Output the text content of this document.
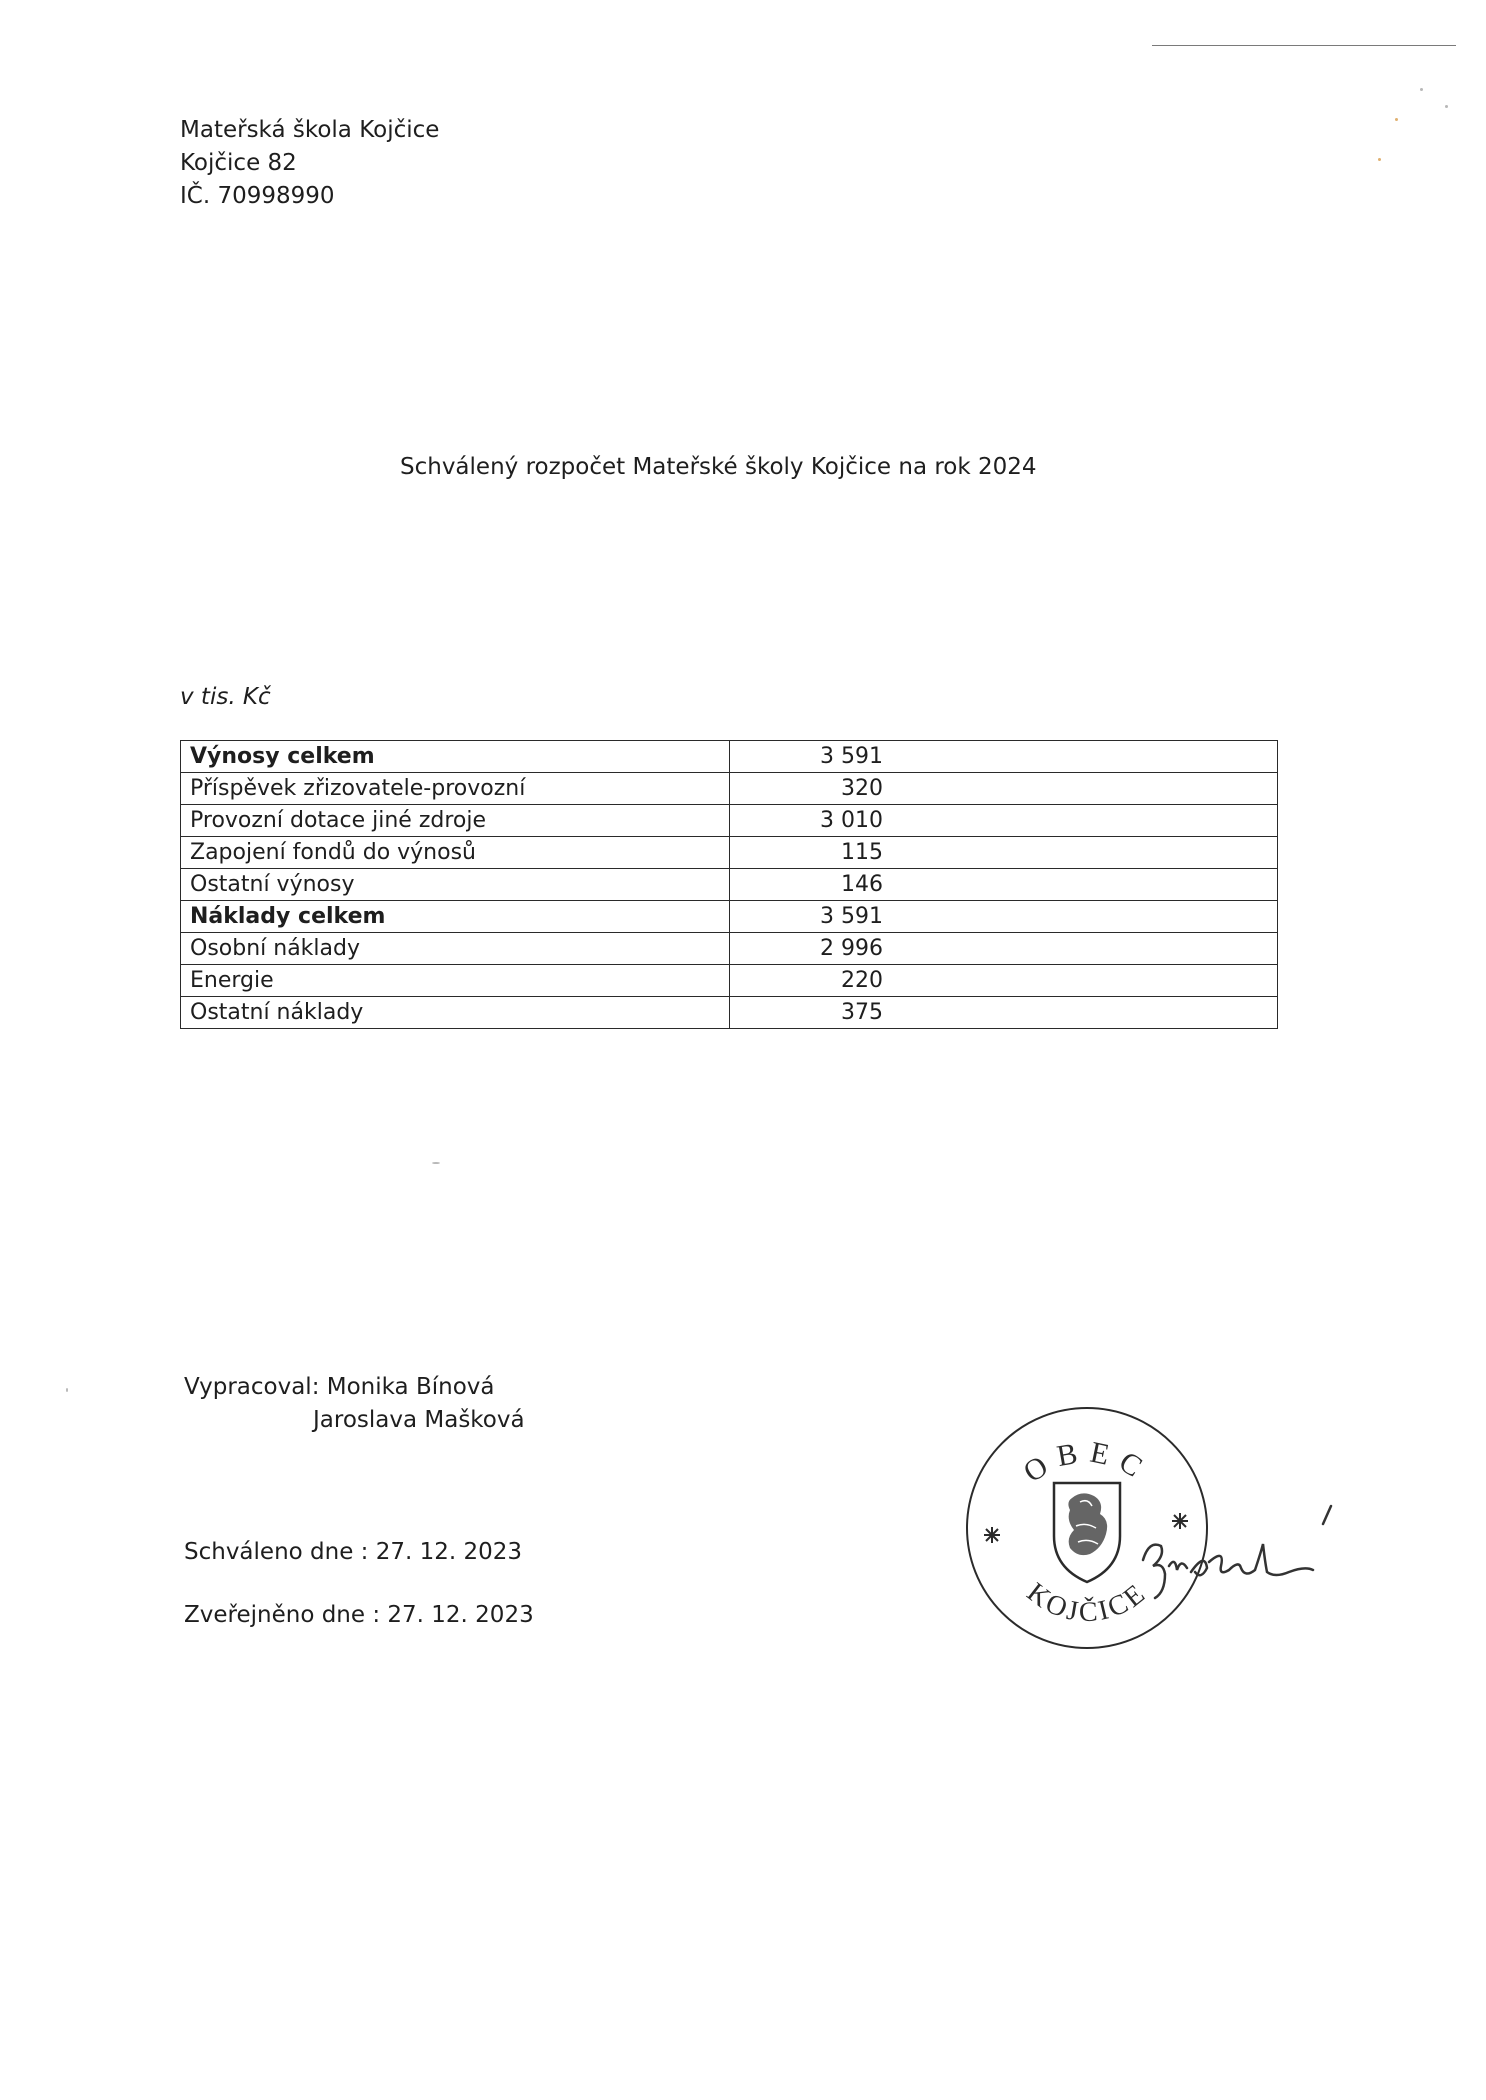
Mateřská škola Kojčice
Kojčice 82
IČ. 70998990
Schválený rozpočet Mateřské školy Kojčice na rok 2024
v tis. Kč
Výnosy celkem	3 591
Příspěvek zřizovatele-provozní	320
Provozní dotace jiné zdroje	3 010
Zapojení fondů do výnosů	115
Ostatní výnosy	146
Náklady celkem	3 591
Osobní náklady	2 996
Energie	220
Ostatní náklady	375
Vypracoval: Monika Bínová
Jaroslava Mašková
Schváleno dne : 27. 12. 2023
Zveřejněno dne : 27. 12. 2023
OBEC
KOJČICE
